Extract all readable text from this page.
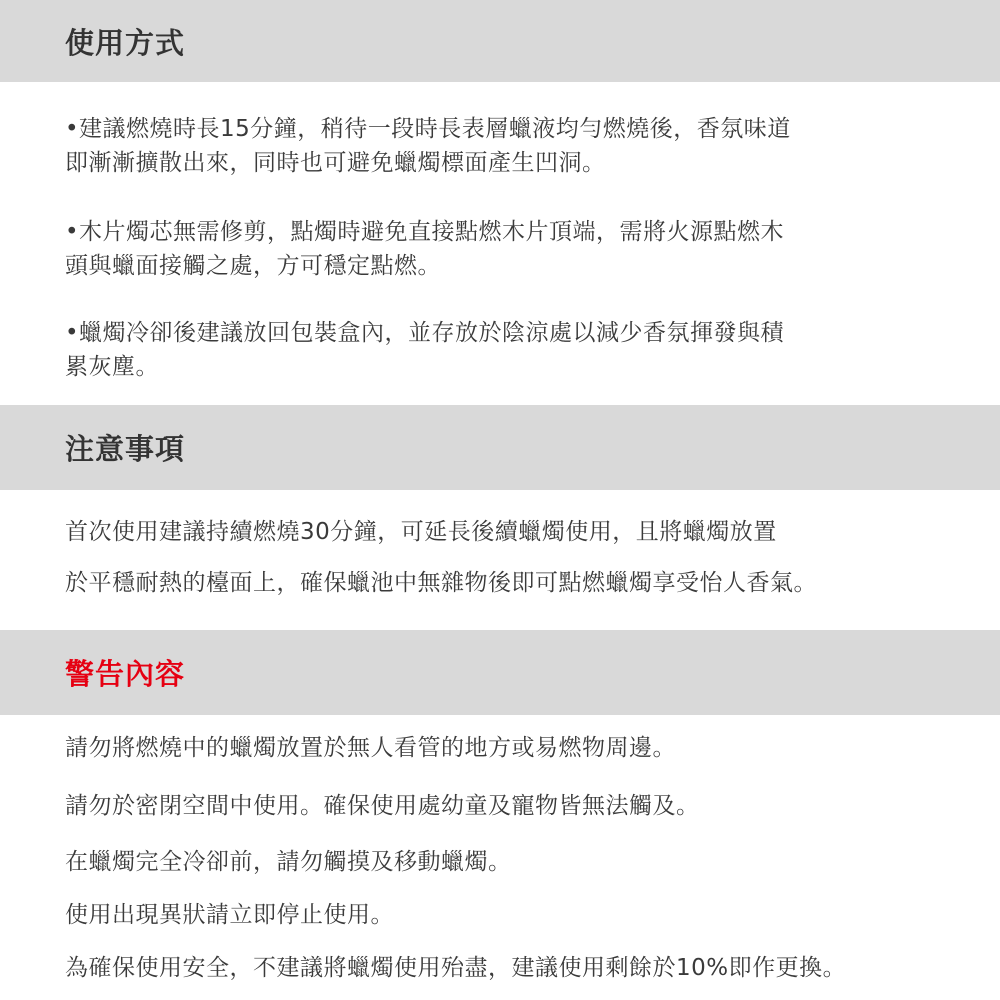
使用方式
•建議燃燒時長15分鐘，稍待一段時長表層蠟液均勻燃燒後，香氛味道
即漸漸擴散出來，同時也可避免蠟燭標面產生凹洞。
•木片燭芯無需修剪，點燭時避免直接點燃木片頂端，需將火源點燃木
頭與蠟面接觸之處，方可穩定點燃。
•蠟燭冷卻後建議放回包裝盒內，並存放於陰涼處以減少香氛揮發與積
累灰塵。
注意事項
首次使用建議持續燃燒30分鐘，可延長後續蠟燭使用，且將蠟燭放置
於平穩耐熱的檯面上，確保蠟池中無雜物後即可點燃蠟燭享受怡人香氣。
警告內容
請勿將燃燒中的蠟燭放置於無人看管的地方或易燃物周邊。
請勿於密閉空間中使用。確保使用處幼童及寵物皆無法觸及。
在蠟燭完全冷卻前，請勿觸摸及移動蠟燭。
使用出現異狀請立即停止使用。
為確保使用安全，不建議將蠟燭使用殆盡，建議使用剩餘於10%即作更換。
